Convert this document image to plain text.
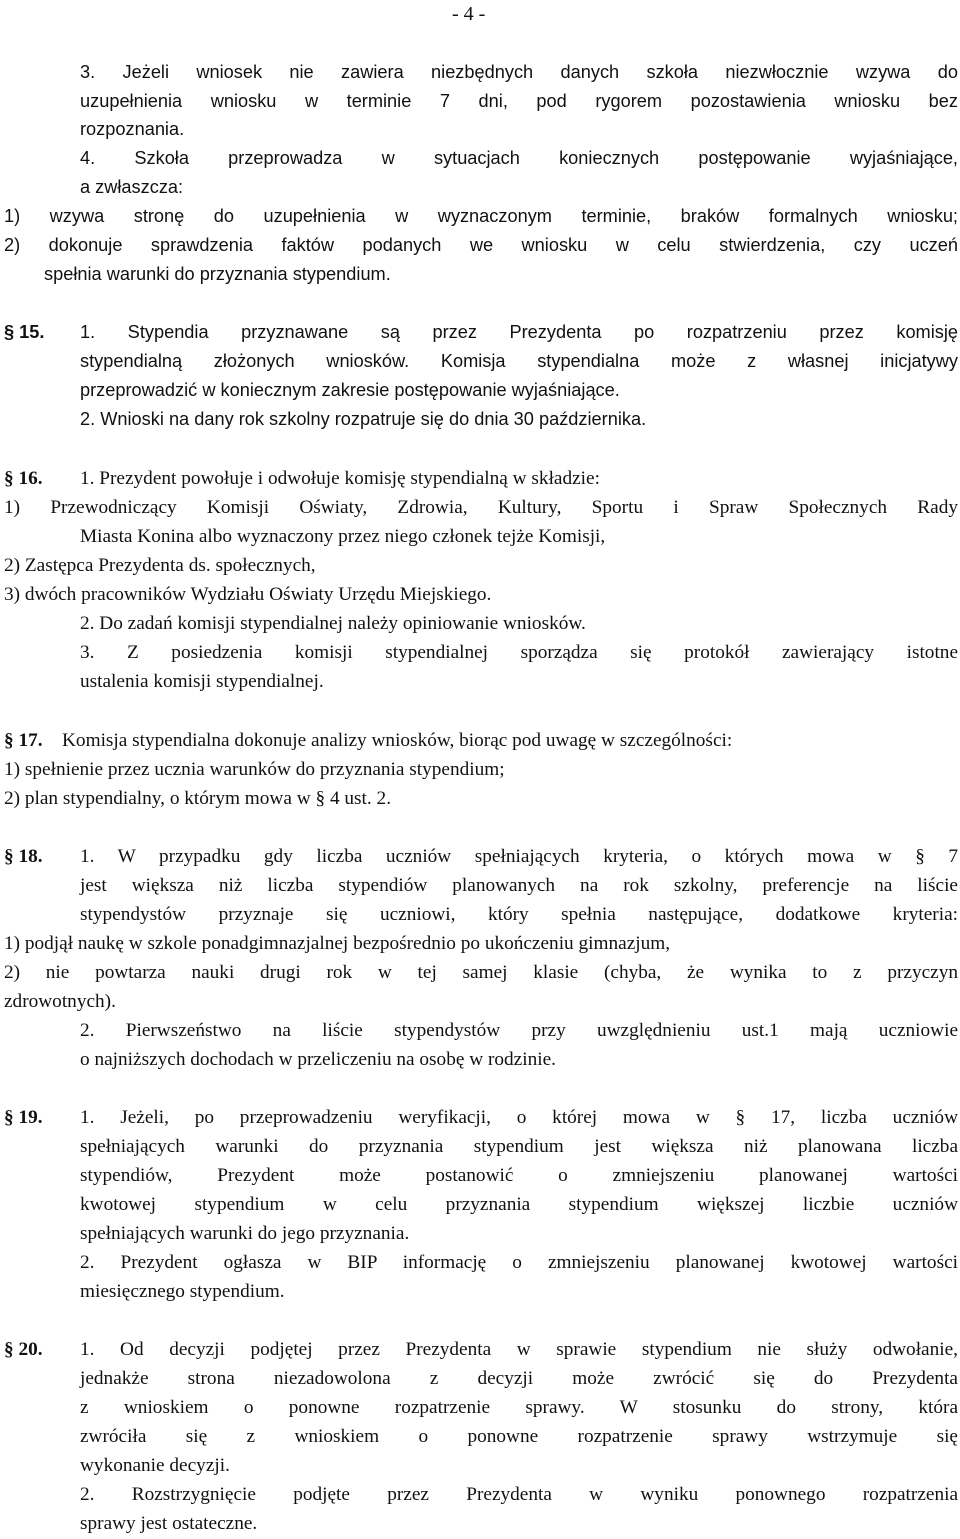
- 4 -
3. Jeżeli wniosek nie zawiera niezbędnych danych szkoła niezwłocznie wzywa do
uzupełnienia wniosku w terminie 7 dni, pod rygorem pozostawienia wniosku bez
rozpoznania.
4. Szkoła przeprowadza w sytuacjach koniecznych postępowanie wyjaśniające,
a zwłaszcza:
1) wzywa stronę do uzupełnienia w wyznaczonym terminie, braków formalnych wniosku;
2) dokonuje sprawdzenia faktów podanych we wniosku w celu stwierdzenia, czy uczeń
spełnia warunki do przyznania stypendium.
§ 15. 1. Stypendia przyznawane są przez Prezydenta po rozpatrzeniu przez komisję
stypendialną złożonych wniosków. Komisja stypendialna może z własnej inicjatywy
przeprowadzić w koniecznym zakresie postępowanie wyjaśniające.
2. Wnioski na dany rok szkolny rozpatruje się do dnia 30 października.
§ 16. 1. Prezydent powołuje i odwołuje komisję stypendialną w składzie:
1) Przewodniczący Komisji Oświaty, Zdrowia, Kultury, Sportu i Spraw Społecznych Rady
Miasta Konina albo wyznaczony przez niego członek tejże Komisji,
2) Zastępca Prezydenta ds. społecznych,
3) dwóch pracowników Wydziału Oświaty Urzędu Miejskiego.
2. Do zadań komisji stypendialnej należy opiniowanie wniosków.
3. Z posiedzenia komisji stypendialnej sporządza się protokół zawierający istotne
ustalenia komisji stypendialnej.
§ 17. Komisja stypendialna dokonuje analizy wniosków, biorąc pod uwagę w szczególności:
1) spełnienie przez ucznia warunków do przyznania stypendium;
2) plan stypendialny, o którym mowa w § 4 ust. 2.
§ 18. 1. W przypadku gdy liczba uczniów spełniających kryteria, o których mowa w § 7
jest większa niż liczba stypendiów planowanych na rok szkolny, preferencje na liście
stypendystów przyznaje się uczniowi, który spełnia następujące, dodatkowe kryteria:
1) podjął naukę w szkole ponadgimnazjalnej bezpośrednio po ukończeniu gimnazjum,
2) nie powtarza nauki drugi rok w tej samej klasie (chyba, że wynika to z przyczyn
zdrowotnych).
2. Pierwszeństwo na liście stypendystów przy uwzględnieniu ust.1 mają uczniowie
o najniższych dochodach w przeliczeniu na osobę w rodzinie.
§ 19. 1. Jeżeli, po przeprowadzeniu weryfikacji, o której mowa w § 17, liczba uczniów
spełniających warunki do przyznania stypendium jest większa niż planowana liczba
stypendiów, Prezydent może postanowić o zmniejszeniu planowanej wartości
kwotowej stypendium w celu przyznania stypendium większej liczbie uczniów
spełniających warunki do jego przyznania.
2. Prezydent ogłasza w BIP informację o zmniejszeniu planowanej kwotowej wartości
miesięcznego stypendium.
§ 20. 1. Od decyzji podjętej przez Prezydenta w sprawie stypendium nie służy odwołanie,
jednakże strona niezadowolona z decyzji może zwrócić się do Prezydenta
z wnioskiem o ponowne rozpatrzenie sprawy. W stosunku do strony, która
zwróciła się z wnioskiem o ponowne rozpatrzenie sprawy wstrzymuje się
wykonanie decyzji.
2. Rozstrzygnięcie podjęte przez Prezydenta w wyniku ponownego rozpatrzenia
sprawy jest ostateczne.
